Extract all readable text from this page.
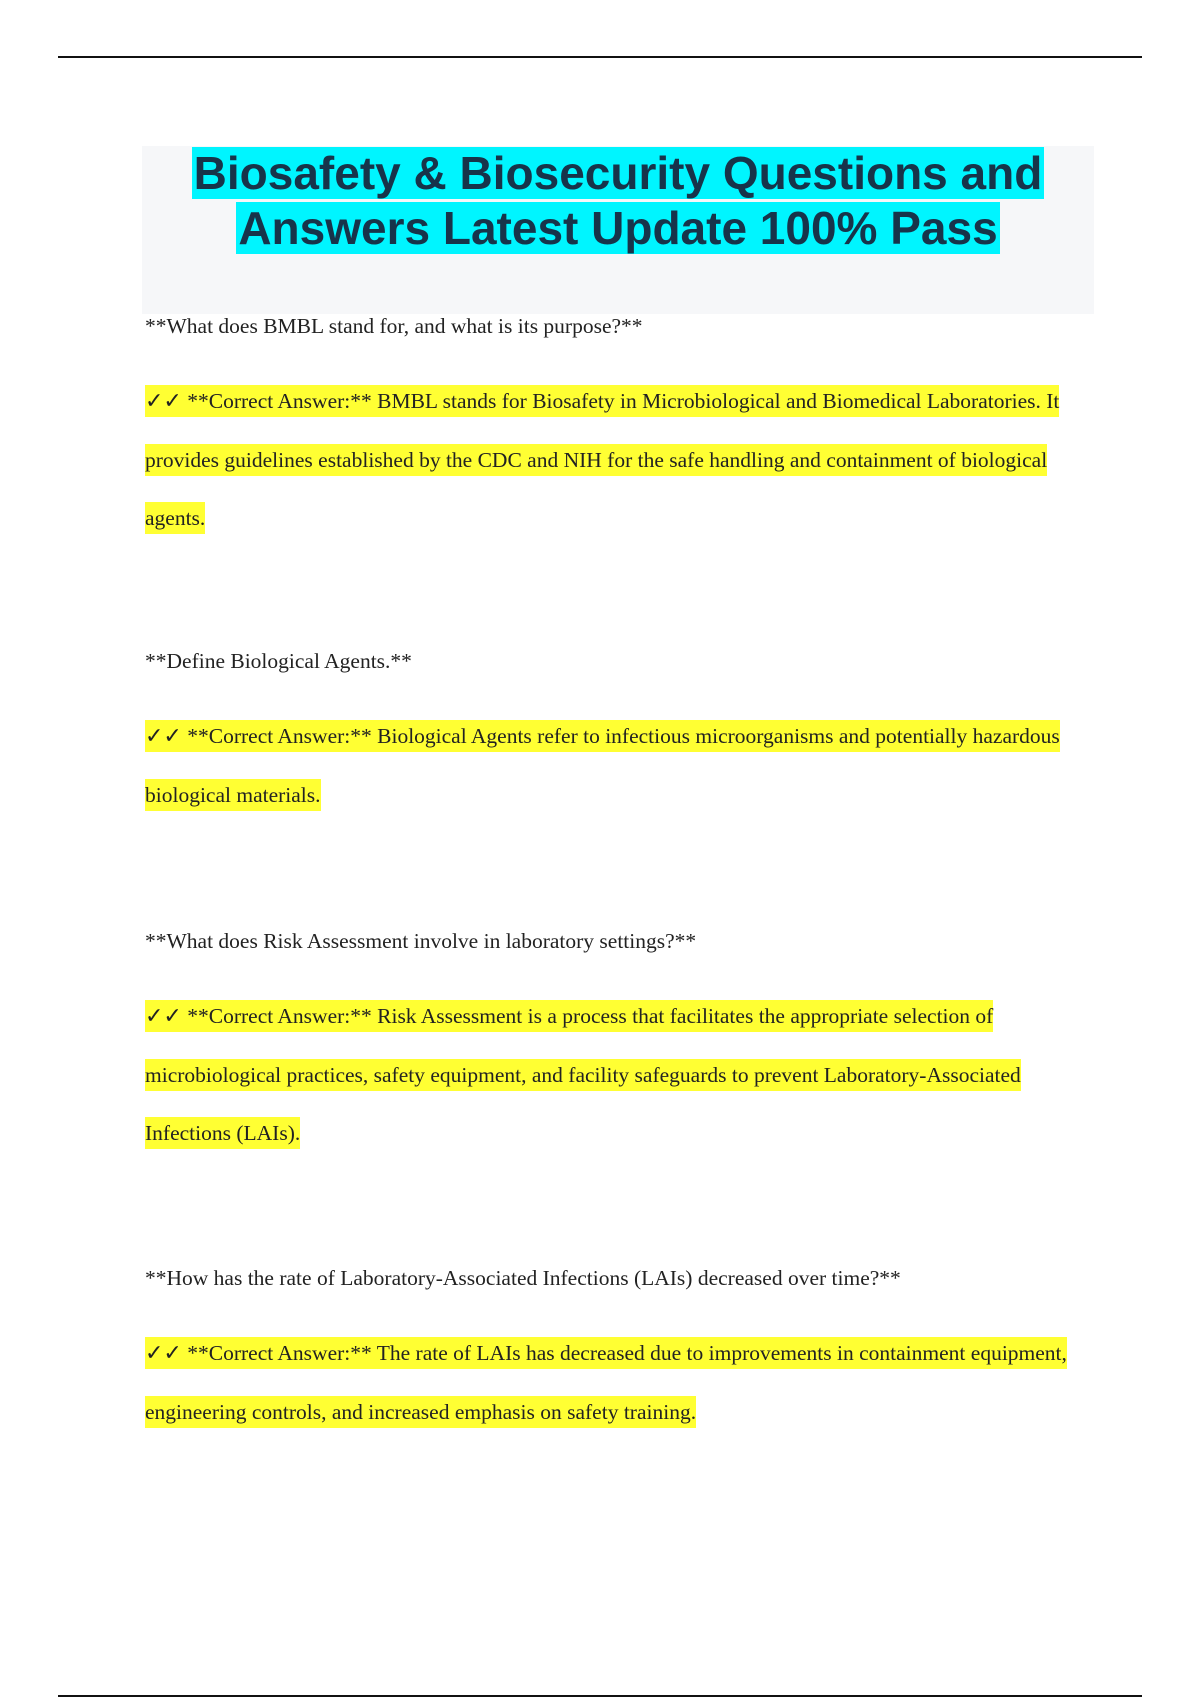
Biosafety & Biosecurity Questions and
Answers Latest Update 100% Pass

**What does BMBL stand for, and what is its purpose?**

✓✓ **Correct Answer:** BMBL stands for Biosafety in Microbiological and Biomedical Laboratories. It provides guidelines established by the CDC and NIH for the safe handling and containment of biological agents.

**Define Biological Agents.**

✓✓ **Correct Answer:** Biological Agents refer to infectious microorganisms and potentially hazardous biological materials.

**What does Risk Assessment involve in laboratory settings?**

✓✓ **Correct Answer:** Risk Assessment is a process that facilitates the appropriate selection of microbiological practices, safety equipment, and facility safeguards to prevent Laboratory-Associated Infections (LAIs).

**How has the rate of Laboratory-Associated Infections (LAIs) decreased over time?**

✓✓ **Correct Answer:** The rate of LAIs has decreased due to improvements in containment equipment, engineering controls, and increased emphasis on safety training.
